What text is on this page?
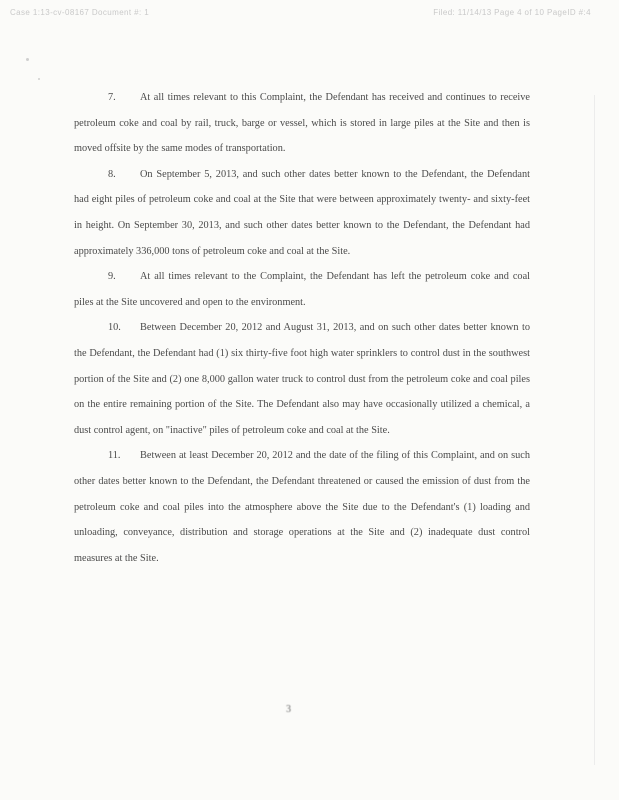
Case 1:13-cv-08167 Document #: 1	Filed: 11/14/13 Page 4 of 10 PageID #:4

7. At all times relevant to this Complaint, the Defendant has received and continues to receive petroleum coke and coal by rail, truck, barge or vessel, which is stored in large piles at the Site and then is moved offsite by the same modes of transportation.

8. On September 5, 2013, and such other dates better known to the Defendant, the Defendant had eight piles of petroleum coke and coal at the Site that were between approximately twenty- and sixty-feet in height. On September 30, 2013, and such other dates better known to the Defendant, the Defendant had approximately 336,000 tons of petroleum coke and coal at the Site.

9. At all times relevant to the Complaint, the Defendant has left the petroleum coke and coal piles at the Site uncovered and open to the environment.

10. Between December 20, 2012 and August 31, 2013, and on such other dates better known to the Defendant, the Defendant had (1) six thirty-five foot high water sprinklers to control dust in the southwest portion of the Site and (2) one 8,000 gallon water truck to control dust from the petroleum coke and coal piles on the entire remaining portion of the Site. The Defendant also may have occasionally utilized a chemical, a dust control agent, on "inactive" piles of petroleum coke and coal at the Site.

11. Between at least December 20, 2012 and the date of the filing of this Complaint, and on such other dates better known to the Defendant, the Defendant threatened or caused the emission of dust from the petroleum coke and coal piles into the atmosphere above the Site due to the Defendant's (1) loading and unloading, conveyance, distribution and storage operations at the Site and (2) inadequate dust control measures at the Site.

3
